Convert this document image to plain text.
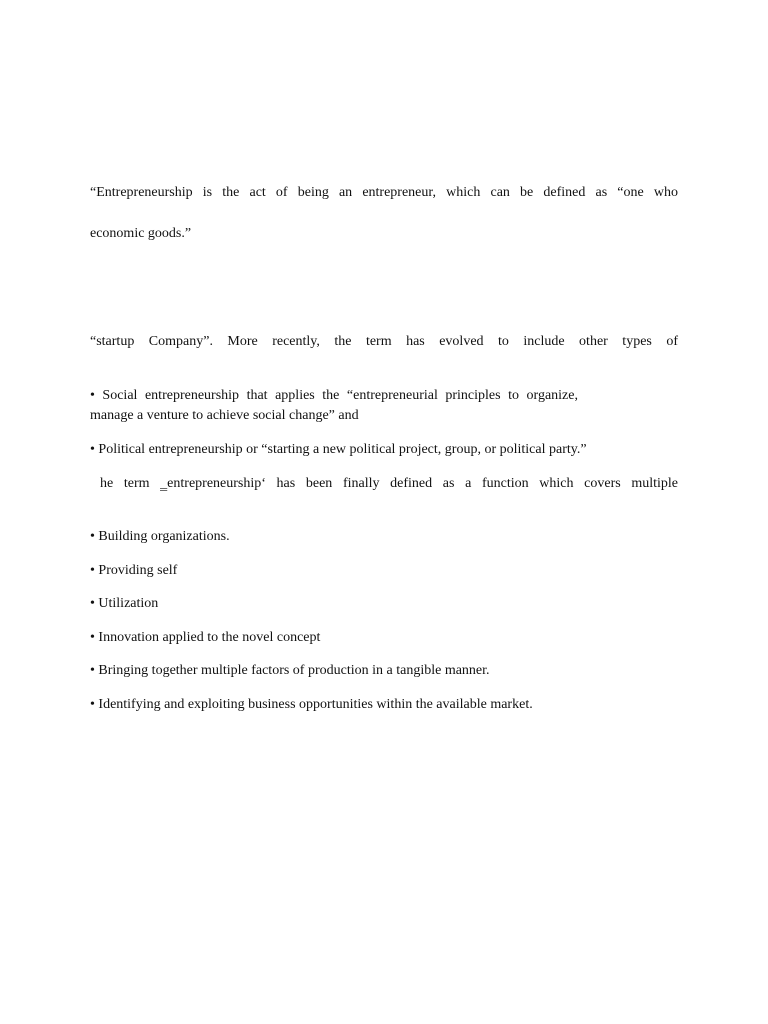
“Entrepreneurship is the act of being an entrepreneur, which can be defined as “one who
economic goods.”
“startup Company”. More recently, the term has evolved to include other types of
• Social entrepreneurship that applies the “entrepreneurial principles to organize,
manage a venture to achieve social change” and
• Political entrepreneurship or “starting a new political project, group, or political party.”
he term ‗entrepreneurship‘ has been finally defined as a function which covers multiple
• Building organizations.
• Providing self
• Utilization
• Innovation applied to the novel concept
• Bringing together multiple factors of production in a tangible manner.
• Identifying and exploiting business opportunities within the available market.
